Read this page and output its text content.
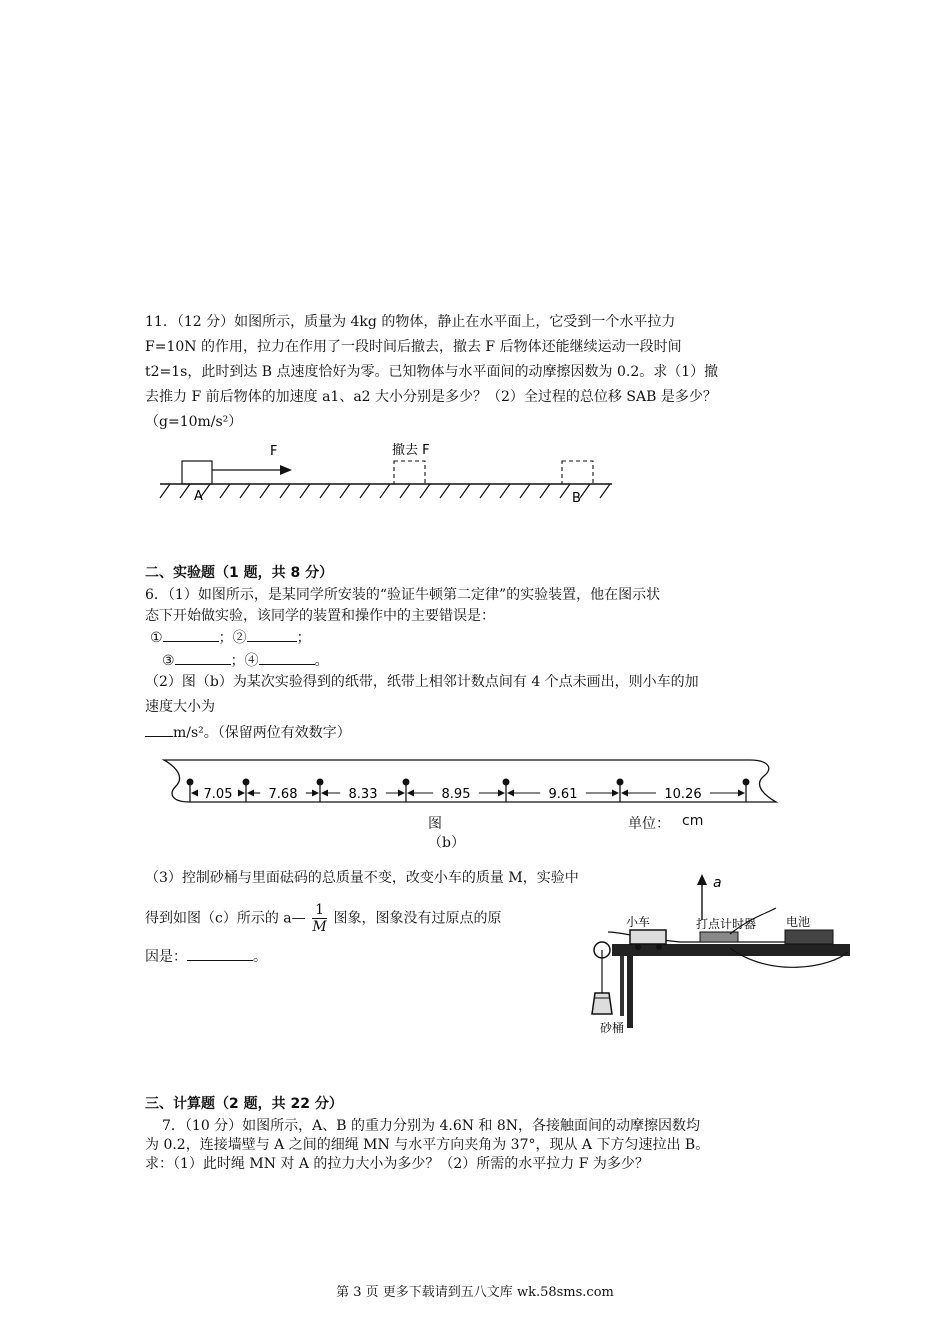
11．（12 分）如图所示，质量为 4kg 的物体，静止在水平面上，它受到一个水平拉力
F=10N 的作用，拉力在作用了一段时间后撤去，撤去 F 后物体还能继续运动一段时间
t2=1s，此时到达 B 点速度恰好为零。已知物体与水平面间的动摩擦因数为 0.2。求（1）撤
去推力 F 前后物体的加速度 a1、a2 大小分别是多少？（2）全过程的总位移 SAB 是多少？
（g=10m/s²）
F	撤去 F
A	B
二、实验题（1 题，共 8 分）
6．（1）如图所示，是某同学所安装的“验证牛顿第二定律”的实验装置，他在图示状
态下开始做实验，该同学的装置和操作中的主要错误是：
①	；②	；
③	；④	。
（2）图（b）为某次实验得到的纸带，纸带上相邻计数点间有 4 个点未画出，则小车的加
速度大小为
m/s²。（保留两位有效数字）
7.05	7.68	8.33	8.95	9.61	10.26
图
（b）
单位： cm
（3）控制砂桶与里面砝码的总质量不变，改变小车的质量 M，实验中
得到如图（c）所示的 a— $\frac{1}{M}$ 图象，图象没有过原点的原
因是：	。
a
小车	打点计时器 电池
砂桶
三、计算题（2 题，共 22 分）
7．（10 分）如图所示，A、B 的重力分别为 4.6N 和 8N，各接触面间的动摩擦因数均
为 0.2，连接墙壁与 A 之间的细绳 MN 与水平方向夹角为 37°，现从 A 下方匀速拉出 B。
求：（1）此时绳 MN 对 A 的拉力大小为多少？（2）所需的水平拉力 F 为多少？
第 3 页 更多下载请到五八文库 wk.58sms.com
